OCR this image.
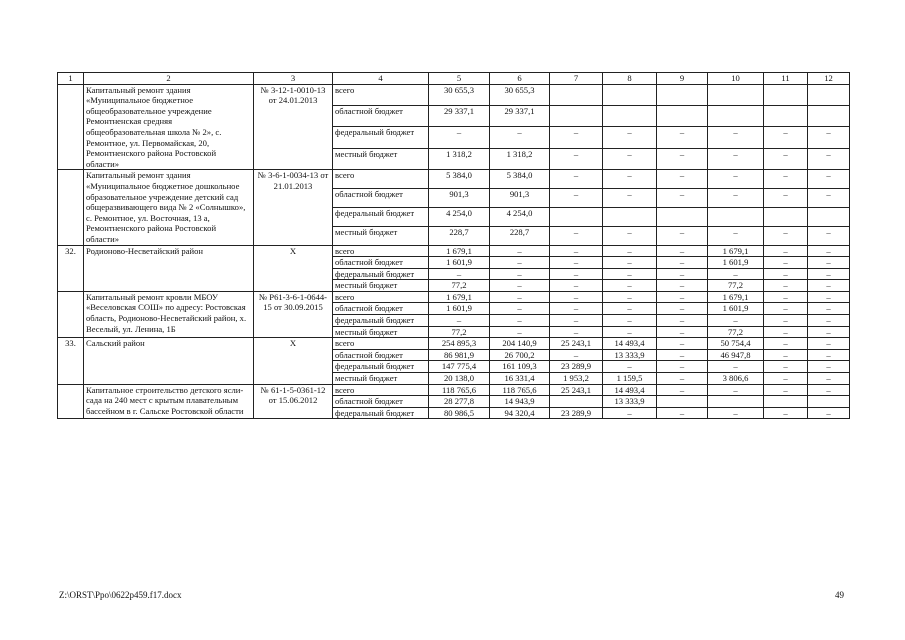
1	2	3	4	5	6	7	8	9	10	11	12
	Капитальный ремонт здания «Муниципальное бюджетное общеобразовательное учреждение Ремонтненская средняя общеобразовательная школа № 2», с. Ремонтное, ул. Первомайская, 20, Ремонтненского района Ростовской области»	№ 3-12-1-0010-13 от 24.01.2013	всего	30 655,3	30 655,3						
			областной бюджет	29 337,1	29 337,1						
			федеральный бюджет	–	–	–	–	–	–	–	–
			местный бюджет	1 318,2	1 318,2	–	–	–	–	–	–
	Капитальный ремонт здания «Муниципальное бюджетное дошкольное образовательное учреждение детский сад общеразвивающего вида № 2 «Солнышко», с. Ремонтное, ул. Восточная, 13 а, Ремонтненского района Ростовской области»	№ 3-6-1-0034-13 от 21.01.2013	всего	5 384,0	5 384,0	–	–	–	–	–	–
			областной бюджет	901,3	901,3	–	–	–	–	–	–
			федеральный бюджет	4 254,0	4 254,0						
			местный бюджет	228,7	228,7	–	–	–	–	–	–
32.	Родионово-Несветайский район	Х	всего	1 679,1	–	–	–	–	1 679,1	–	–
			областной бюджет	1 601,9	–	–	–	–	1 601,9	–	–
			федеральный бюджет	–	–	–	–	–	–	–	–
			местный бюджет	77,2	–	–	–	–	77,2	–	–
	Капитальный ремонт кровли МБОУ «Веселовская СОШ» по адресу: Ростовская область, Родионово-Несветайский район, х. Веселый, ул. Ленина, 1Б	№ Р61-3-6-1-0644-15 от 30.09.2015	всего	1 679,1	–	–	–	–	1 679,1	–	–
			областной бюджет	1 601,9	–	–	–	–	1 601,9	–	–
			федеральный бюджет	–	–	–	–	–	–	–	–
			местный бюджет	77,2	–	–	–	–	77,2	–	–
33.	Сальский район	Х	всего	254 895,3	204 140,9	25 243,1	14 493,4	–	50 754,4	–	–
			областной бюджет	86 981,9	26 700,2	–	13 333,9	–	46 947,8	–	–
			федеральный бюджет	147 775,4	161 109,3	23 289,9	–	–	–	–	–
			местный бюджет	20 138,0	16 331,4	1 953,2	1 159,5	–	3 806,6	–	–
	Капитальное строительство детского ясли-сада на 240 мест с крытым плавательным бассейном в г. Сальске Ростовской области	№ 61-1-5-0361-12 от 15.06.2012	всего	118 765,6	118 765,6	25 243,1	14 493,4	–	–	–	–
			областной бюджет	28 277,8	14 943,9		13 333,9				
			федеральный бюджет	80 986,5	94 320,4	23 289,9	–	–	–	–	–
Z:\ORST\Ppo\0622p459.f17.docx	49
